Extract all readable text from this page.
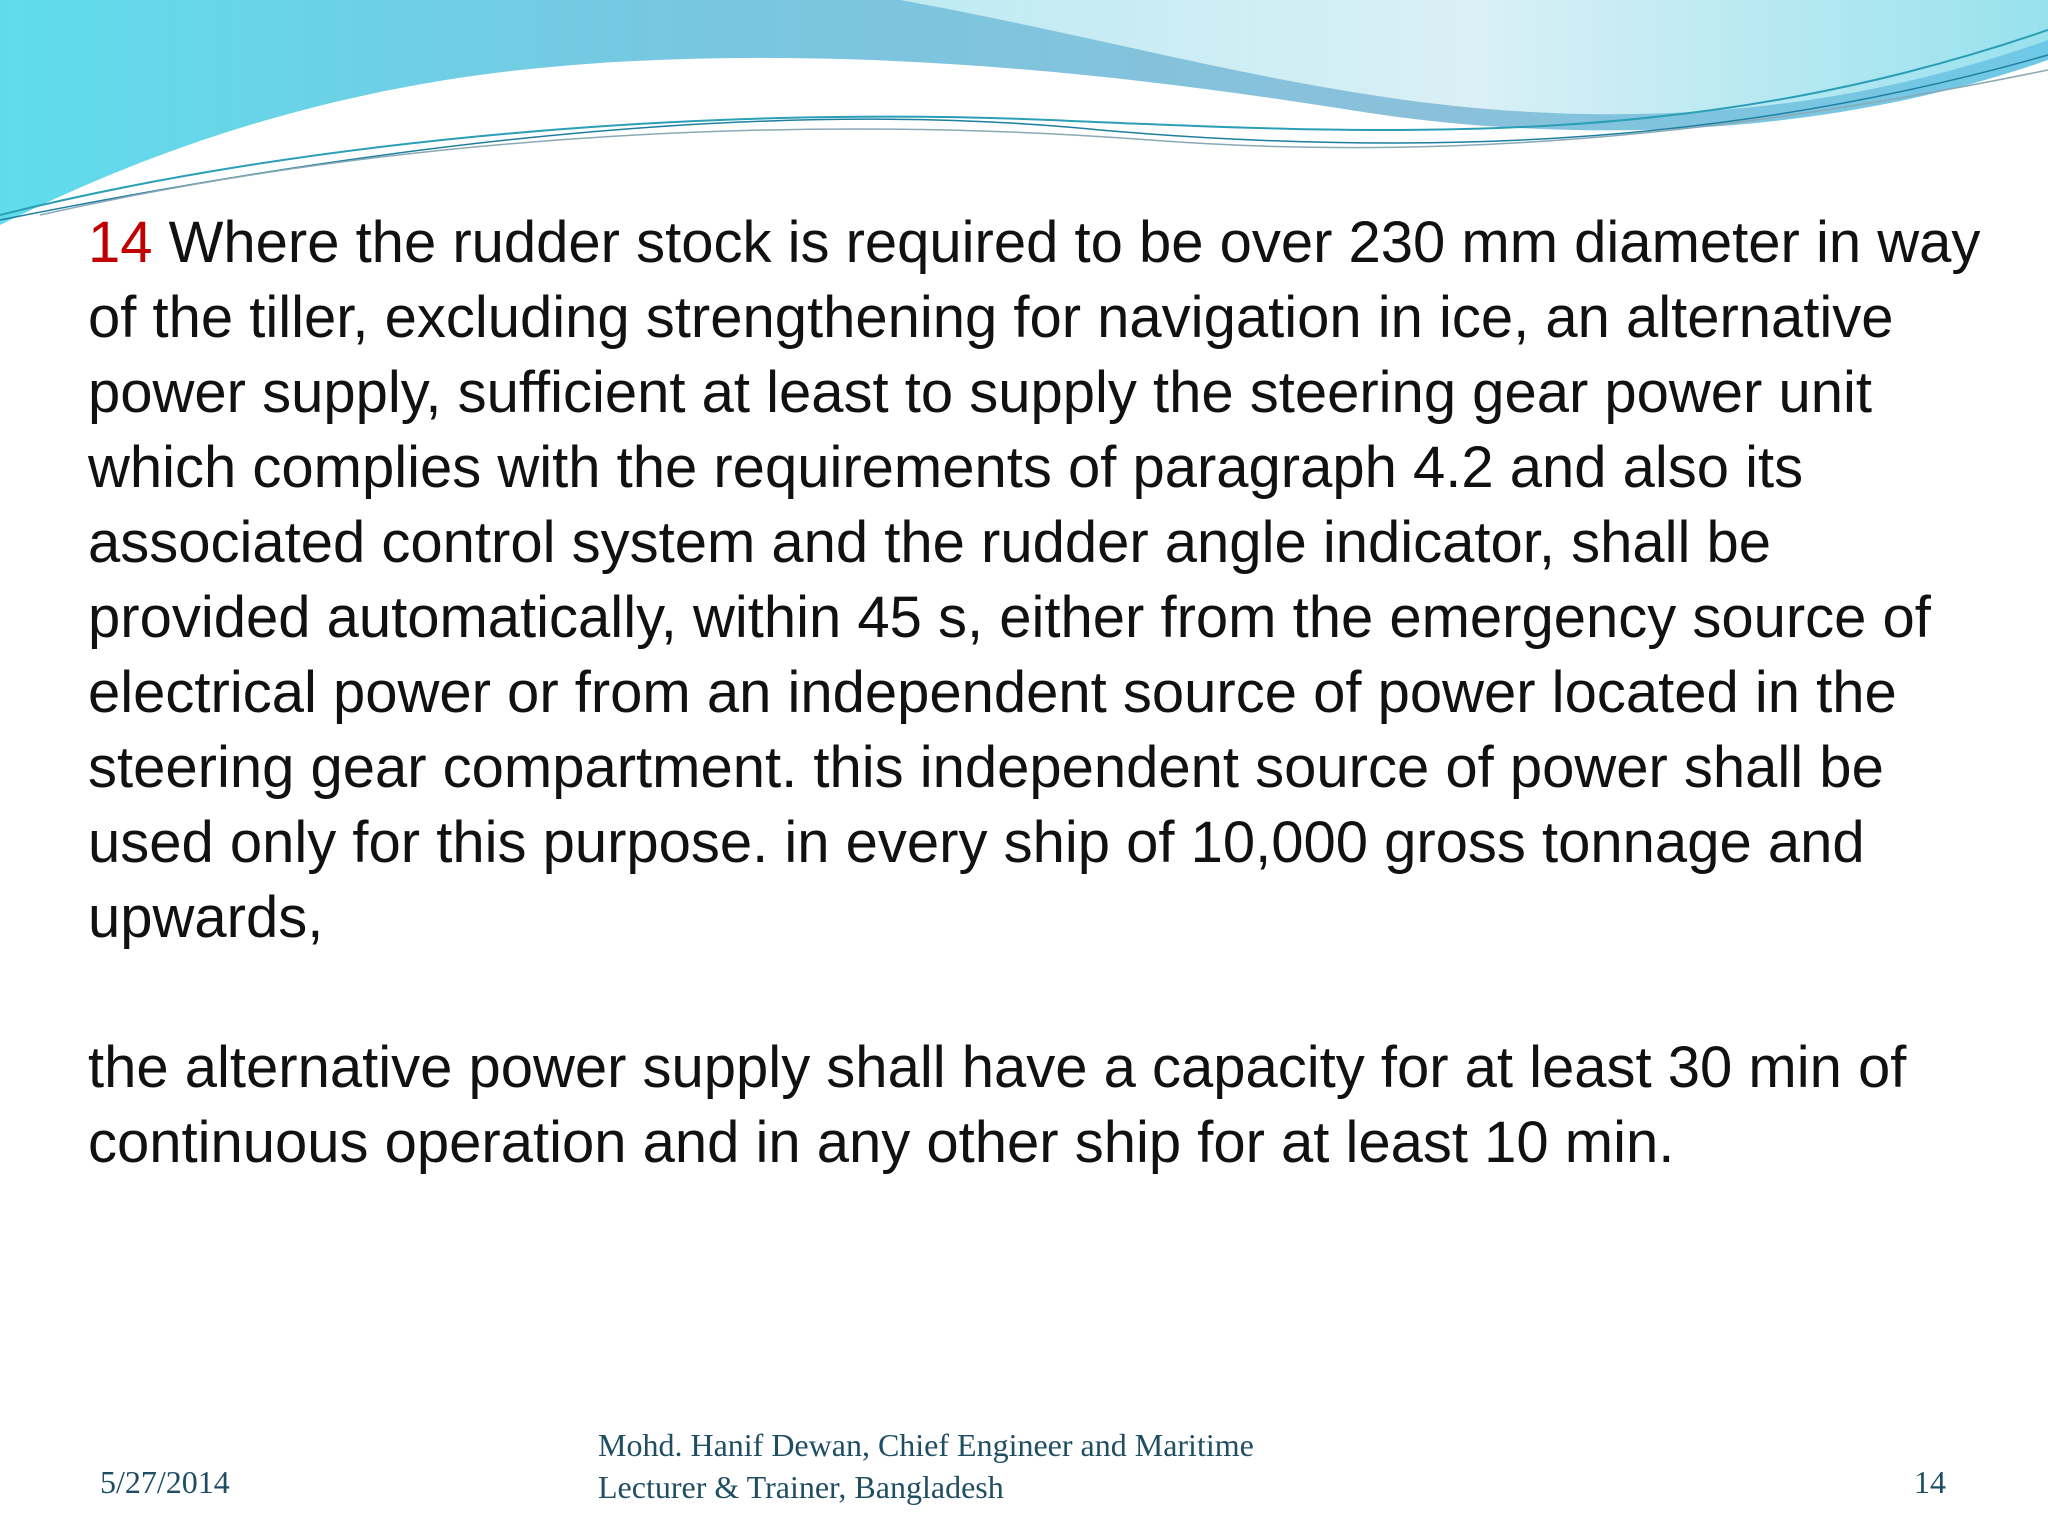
14 Where the rudder stock is required to be over 230 mm diameter in way of the tiller, excluding strengthening for navigation in ice, an alternative power supply, sufficient at least to supply the steering gear power unit which complies with the requirements of paragraph 4.2 and also its associated control system and the rudder angle indicator, shall be provided automatically, within 45 s, either from the emergency source of electrical power or from an independent source of power located in the steering gear compartment. this independent source of power shall be used only for this purpose. in every ship of 10,000 gross tonnage and upwards,

the alternative power supply shall have a capacity for at least 30 min of continuous operation and in any other ship for at least 10 min.

5/27/2014
Mohd. Hanif Dewan, Chief Engineer and Maritime
Lecturer & Trainer, Bangladesh	14
